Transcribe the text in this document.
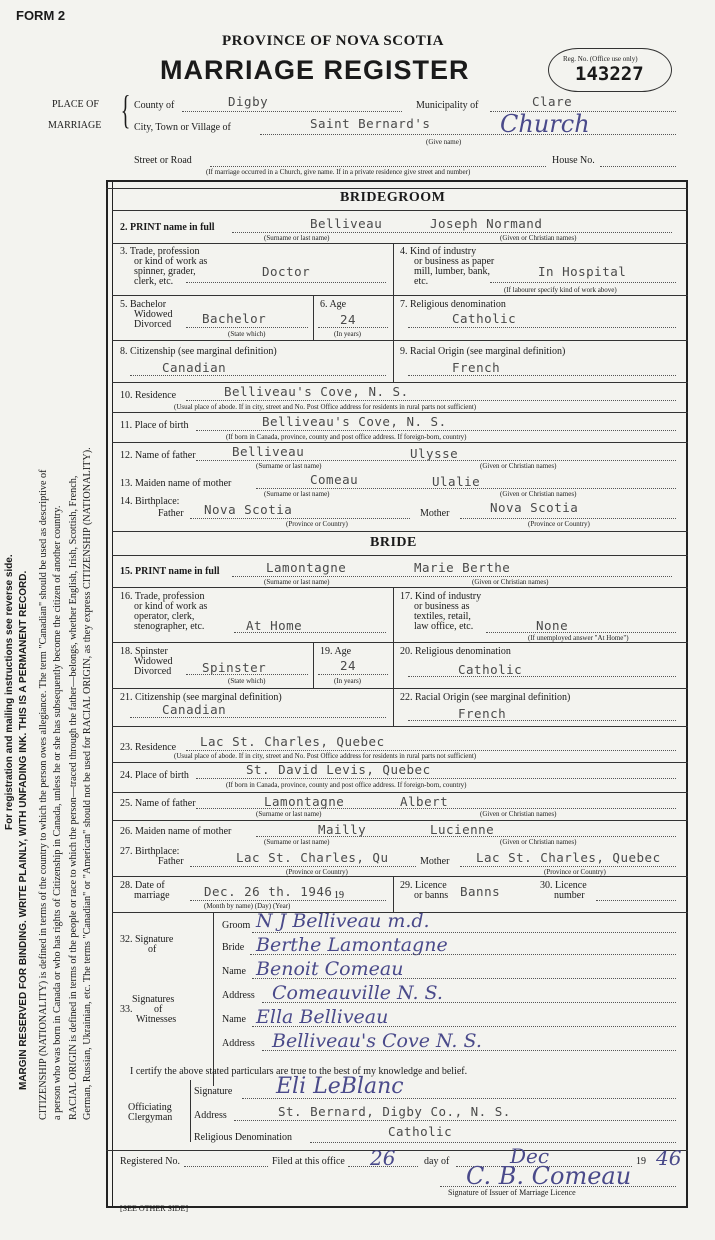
FORM 2
PROVINCE OF NOVA SCOTIA
MARRIAGE REGISTER	Reg. No. (Office use only)
143227
PLACE OF
MARRIAGE { County of	Digby	Municipality of	Clare
City, Town or Village of	Saint Bernard's	Church
(Give name)
Street or Road	House No.
(If marriage occurred in a Church, give name. If in a private residence give street and number)
MARGIN RESERVED FOR BINDING. WRITE PLAINLY, WITH UNFADING INK. THIS IS A PERMANENT RECORD.
For registration and mailing instructions see reverse side. CITIZENSHIP (NATIONALITY) is defined in terms of the country to which the person owes allegiance. The term "Canadian" should be used as descriptive of a person who was born in Canada or who has rights of Citizenship in Canada, unless he or she has subsequently become the citizen of another country. RACIAL ORIGIN is defined in terms of the people or race to which the person—traced through the father—belongs, whether English, Irish, Scottish, French, German, Russian, Ukrainian, etc. The terms "Canadian" or "American" should not be used for RACIAL ORIGIN, as they express CITIZENSHIP (NATIONALITY).
BRIDEGROOM
2. PRINT name in full	Belliveau	Joseph Normand
(Surname or last name)	(Given or Christian names)
3. Trade, profession
or kind of work as
spinner, grader,
clerk, etc.
Doctor
4. Kind of industry
or business as paper
mill, lumber, bank,
etc.
In Hospital
(If labourer specify kind of work above)
5. Bachelor
Widowed
Divorced Bachelor
(State which)
6. Age
24
(In years)
7. Religious denomination
Catholic
8. Citizenship (see marginal definition)
Canadian
9. Racial Origin (see marginal definition)
French
10. Residence	Belliveau's Cove, N. S.
(Usual place of abode. If in city, street and No. Post Office address for residents in rural parts not sufficient)
11. Place of birth	Belliveau's Cove, N. S.
(If born in Canada, province, county and post office address. If foreign-born, country)
12. Name of father	Belliveau	Ulysse
(Surname or last name)	(Given or Christian names)
13. Maiden name of mother	Comeau	Ulalie
(Surname or last name)	(Given or Christian names)
14. Birthplace:
Father Nova Scotia
(Province or Country)
Mother	Nova Scotia
(Province or Country)
BRIDE
15. PRINT name in full	Lamontagne	Marie Berthe
(Surname or last name)	(Given or Christian names)
16. Trade, profession
or kind of work as
operator, clerk,
stenographer, etc.	At Home
17. Kind of industry
or business as
textiles, retail,
law office, etc.	None
(If unemployed answer "At Home")
18. Spinster
Widowed
Divorced Spinster
(State which)
19. Age
24
(In years)
20. Religious denomination
Catholic
21. Citizenship (see marginal definition)
Canadian
22. Racial Origin (see marginal definition)
French
23. Residence Lac St. Charles, Quebec
(Usual place of abode. If in city, street and No. Post Office address for residents in rural parts not sufficient)
24. Place of birth	St. David Levis, Quebec
(If born in Canada, province, county and post office address. If foreign-born, country)
25. Name of father	Lamontagne	Albert
(Surname or last name)	(Given or Christian names)
26. Maiden name of mother	Mailly	Lucienne
(Surname or last name)	(Given or Christian names)
27. Birthplace:
Father	Lac St. Charles, Qu
(Province or Country)
Mother Lac St. Charles, Quebec
(Province or Country)
28. Date of
marriage	Dec. 26 th. 1946 19
(Month by name) (Day) (Year)
29. Licence
or banns Banns	30. Licence
number
32. Signature
of
Groom N J Belliveau m.d.
Bride Berthe Lamontagne
Signatures
33. of
Witnesses
Name Benoit Comeau
Address Comeauville N. S.
Name Ella Belliveau
Address Belliveau's Cove N. S.
I certify the above stated particulars are true to the best of my knowledge and belief.
Officiating
Clergyman
Signature Eli LeBlanc
Address	St. Bernard, Digby Co., N. S.
Religious Denomination	Catholic
Registered No.	Filed at this office 26	day of	Dec	19 46
C. B. Comeau
Signature of Issuer of Marriage Licence
[SEE OTHER SIDE]
